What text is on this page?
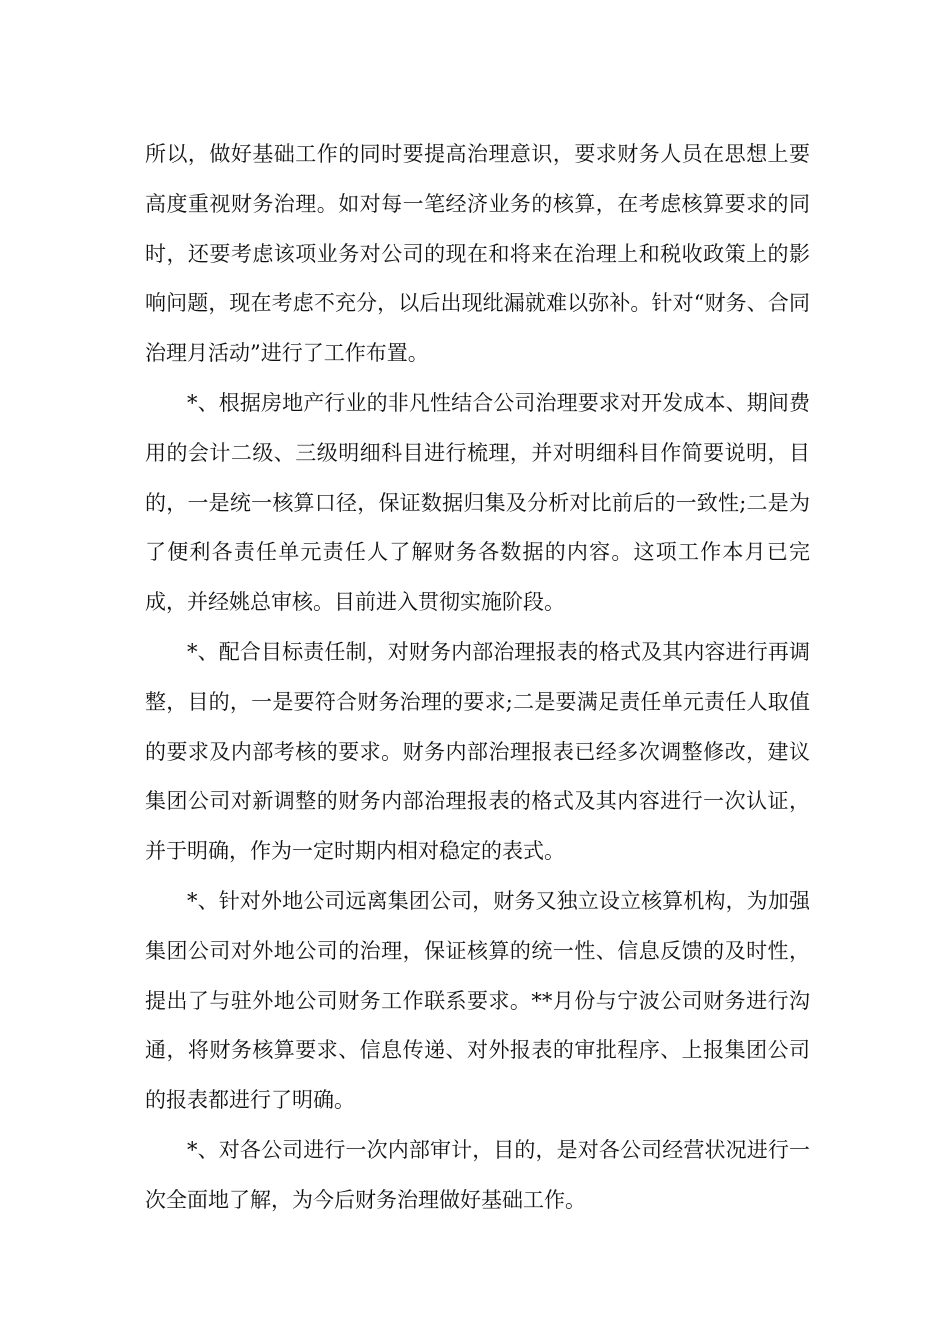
所以，做好基础工作的同时要提高治理意识，要求财务人员在思想上要高度重视财务治理。如对每一笔经济业务的核算，在考虑核算要求的同时，还要考虑该项业务对公司的现在和将来在治理上和税收政策上的影响问题，现在考虑不充分，以后出现纰漏就难以弥补。针对“财务、合同治理月活动”进行了工作布置。

*、根据房地产行业的非凡性结合公司治理要求对开发成本、期间费用的会计二级、三级明细科目进行梳理，并对明细科目作简要说明，目的，一是统一核算口径，保证数据归集及分析对比前后的一致性;二是为了便利各责任单元责任人了解财务各数据的内容。这项工作本月已完成，并经姚总审核。目前进入贯彻实施阶段。

*、配合目标责任制，对财务内部治理报表的格式及其内容进行再调整，目的，一是要符合财务治理的要求;二是要满足责任单元责任人取值的要求及内部考核的要求。财务内部治理报表已经多次调整修改，建议集团公司对新调整的财务内部治理报表的格式及其内容进行一次认证，并于明确，作为一定时期内相对稳定的表式。

*、针对外地公司远离集团公司，财务又独立设立核算机构，为加强集团公司对外地公司的治理，保证核算的统一性、信息反馈的及时性，提出了与驻外地公司财务工作联系要求。**月份与宁波公司财务进行沟通，将财务核算要求、信息传递、对外报表的审批程序、上报集团公司的报表都进行了明确。

*、对各公司进行一次内部审计，目的，是对各公司经营状况进行一次全面地了解，为今后财务治理做好基础工作。
